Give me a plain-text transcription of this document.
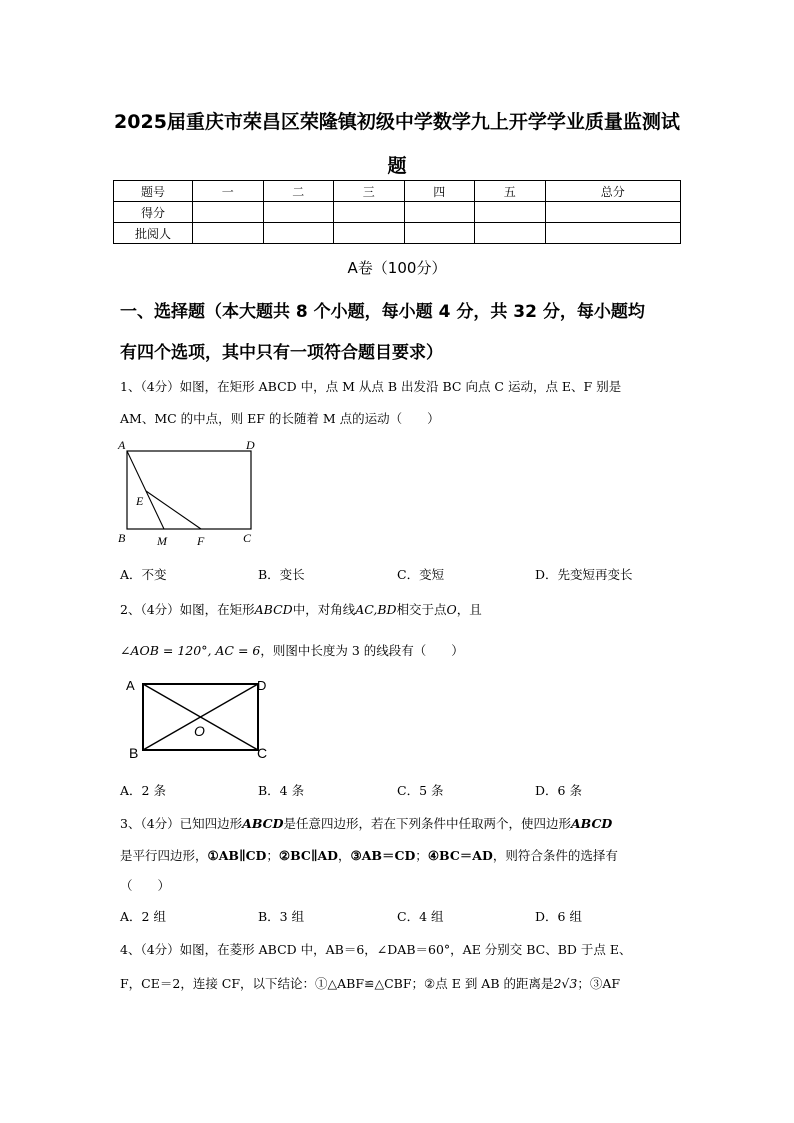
2025届重庆市荣昌区荣隆镇初级中学数学九上开学学业质量监测试
题
题号	一	二	三	四	五	总分
得分						
批阅人						
A卷（100分）
一、选择题（本大题共 8 个小题，每小题 4 分，共 32 分，每小题均
有四个选项，其中只有一项符合题目要求）
1、（4分）如图，在矩形 ABCD 中，点 M 从点 B 出发沿 BC 向点 C 运动，点 E、F 别是
AM、MC 的中点，则 EF 的长随着 M 点的运动（　　）
A	D
E
B	M	F	C
A．不变	B．变长	C．变短	D．先变短再变长
2、（4分）如图，在矩形ABCD中，对角线AC,BD相交于点O，且
∠AOB = 120°, AC = 6，则图中长度为 3 的线段有（　　）
A	D
O
B	C
A．2 条	B．4 条	C．5 条	D．6 条
3、（4分）已知四边形ABCD是任意四边形，若在下列条件中任取两个，使四边形ABCD
是平行四边形，①AB∥CD；②BC∥AD，③AB＝CD；④BC＝AD，则符合条件的选择有
（　　）
A．2 组	B．3 组	C．4 组	D．6 组
4、（4分）如图，在菱形 ABCD 中，AB＝6，∠DAB＝60°，AE 分别交 BC、BD 于点 E、
F，CE＝2，连接 CF，以下结论：①△ABF≌△CBF；②点 E 到 AB 的距离是2√3；③AF
